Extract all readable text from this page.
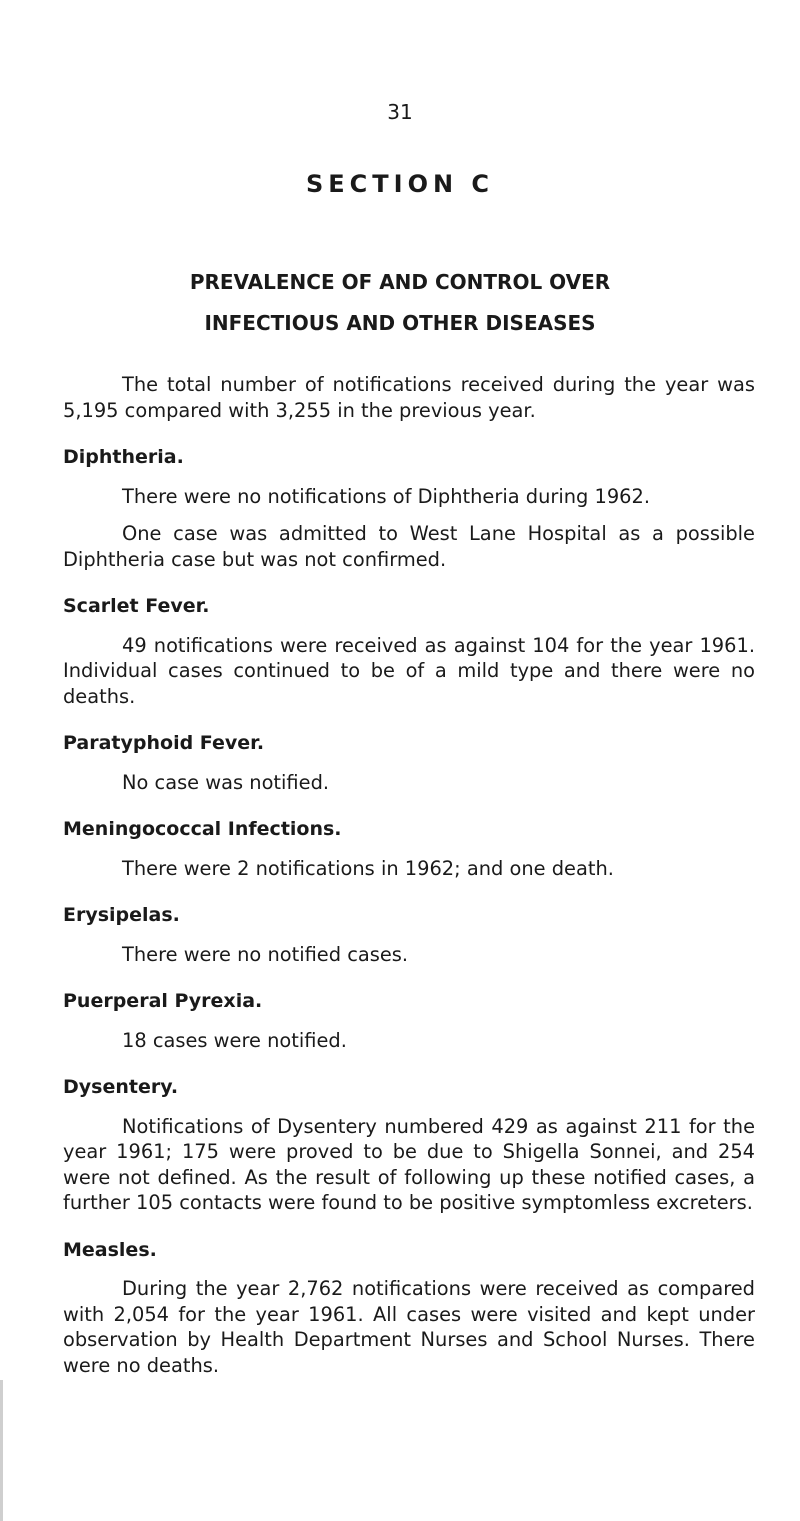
31
SECTION C
PREVALENCE OF AND CONTROL OVER
INFECTIOUS AND OTHER DISEASES

The total number of notifications received during the year was 5,195 compared with 3,255 in the previous year.

Diphtheria.

There were no notifications of Diphtheria during 1962.

One case was admitted to West Lane Hospital as a possible Diphtheria case but was not confirmed.

Scarlet Fever.

49 notifications were received as against 104 for the year 1961. Individual cases continued to be of a mild type and there were no deaths.

Paratyphoid Fever.

No case was notified.

Meningococcal Infections.

There were 2 notifications in 1962; and one death.

Erysipelas.

There were no notified cases.

Puerperal Pyrexia.

18 cases were notified.

Dysentery.

Notifications of Dysentery numbered 429 as against 211 for the year 1961; 175 were proved to be due to Shigella Sonnei, and 254 were not defined. As the result of following up these notified cases, a further 105 contacts were found to be positive symptomless excreters.

Measles.

During the year 2,762 notifications were received as compared with 2,054 for the year 1961. All cases were visited and kept under observation by Health Department Nurses and School Nurses. There were no deaths.
